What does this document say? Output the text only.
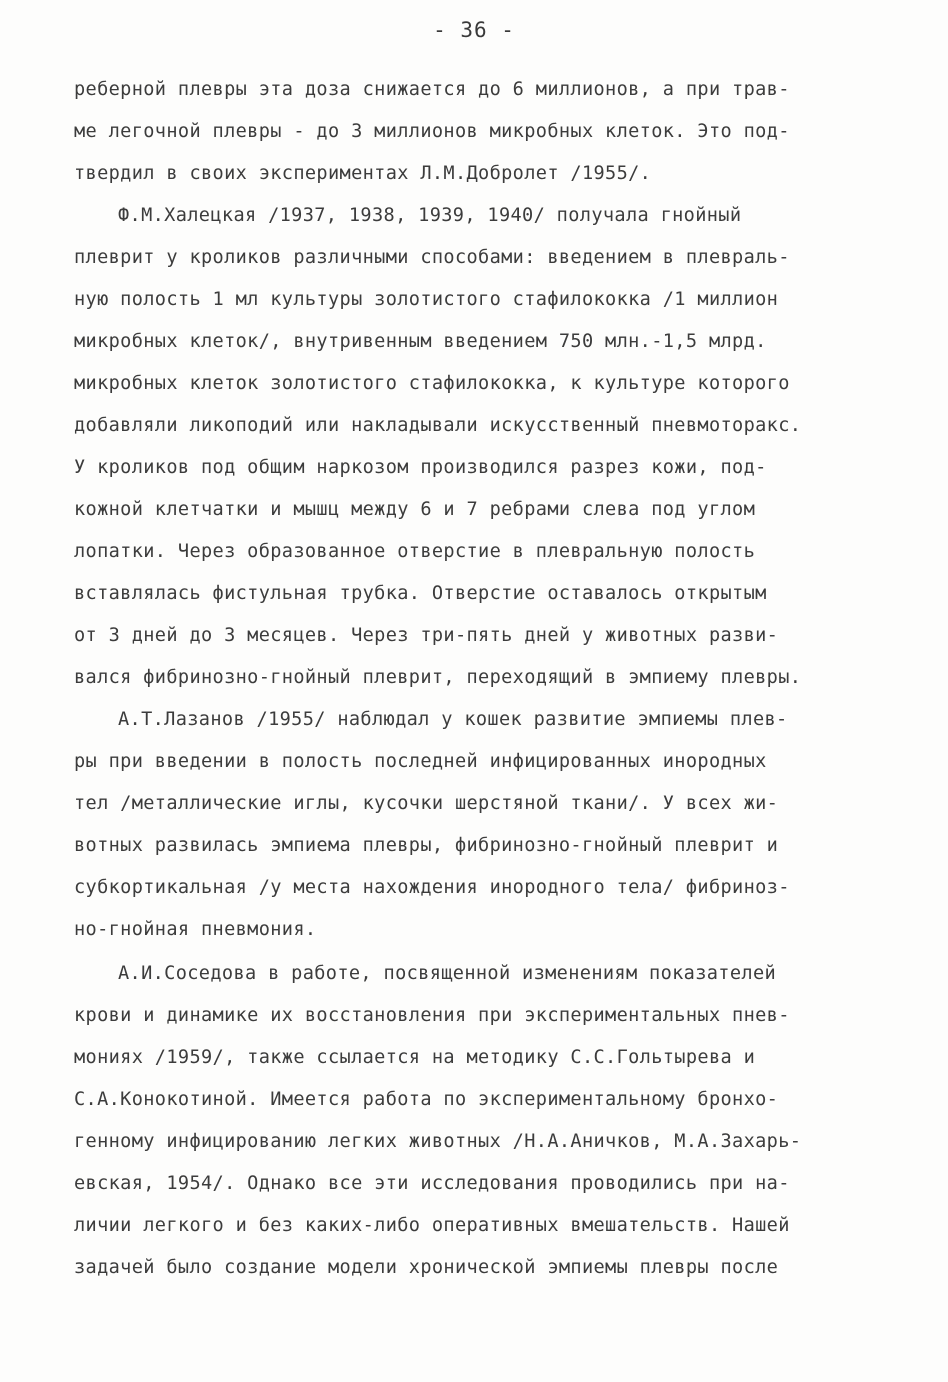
- 36 -
реберной плевры эта доза снижается до 6 миллионов, а при трав-
ме легочной плевры - до 3 миллионов микробных клеток. Это под-
твердил в своих экспериментах Л.М.Добролет /1955/.
Ф.М.Халецкая /1937, 1938, 1939, 1940/ получала гнойный
плеврит у кроликов различными способами: введением в плевраль-
ную полость 1 мл культуры золотистого стафилококка /1 миллион
микробных клеток/, внутривенным введением 750 млн.-1,5 млрд.
микробных клеток золотистого стафилококка, к культуре которого
добавляли ликоподий или накладывали искусственный пневмоторакс.
У кроликов под общим наркозом производился разрез кожи, под-
кожной клетчатки и мышц между 6 и 7 ребрами слева под углом
лопатки. Через образованное отверстие в плевральную полость
вставлялась фистульная трубка. Отверстие оставалось открытым
от 3 дней до 3 месяцев. Через три-пять дней у животных разви-
вался фибринозно-гнойный плеврит, переходящий в эмпиему плевры.
А.Т.Лазанов /1955/ наблюдал у кошек развитие эмпиемы плев-
ры при введении в полость последней инфицированных инородных
тел /металлические иглы, кусочки шерстяной ткани/. У всех жи-
вотных развилась эмпиема плевры, фибринозно-гнойный плеврит и
субкортикальная /у места нахождения инородного тела/ фибриноз-
но-гнойная пневмония.
А.И.Соседова в работе, посвященной изменениям показателей
крови и динамике их восстановления при экспериментальных пнев-
мониях /1959/, также ссылается на методику С.С.Гольтырева и
С.А.Конокотиной. Имеется работа по экспериментальному бронхо-
генному инфицированию легких животных /Н.А.Аничков, М.А.Захарь-
евская, 1954/. Однако все эти исследования проводились при на-
личии легкого и без каких-либо оперативных вмешательств. Нашей
задачей было создание модели хронической эмпиемы плевры после
